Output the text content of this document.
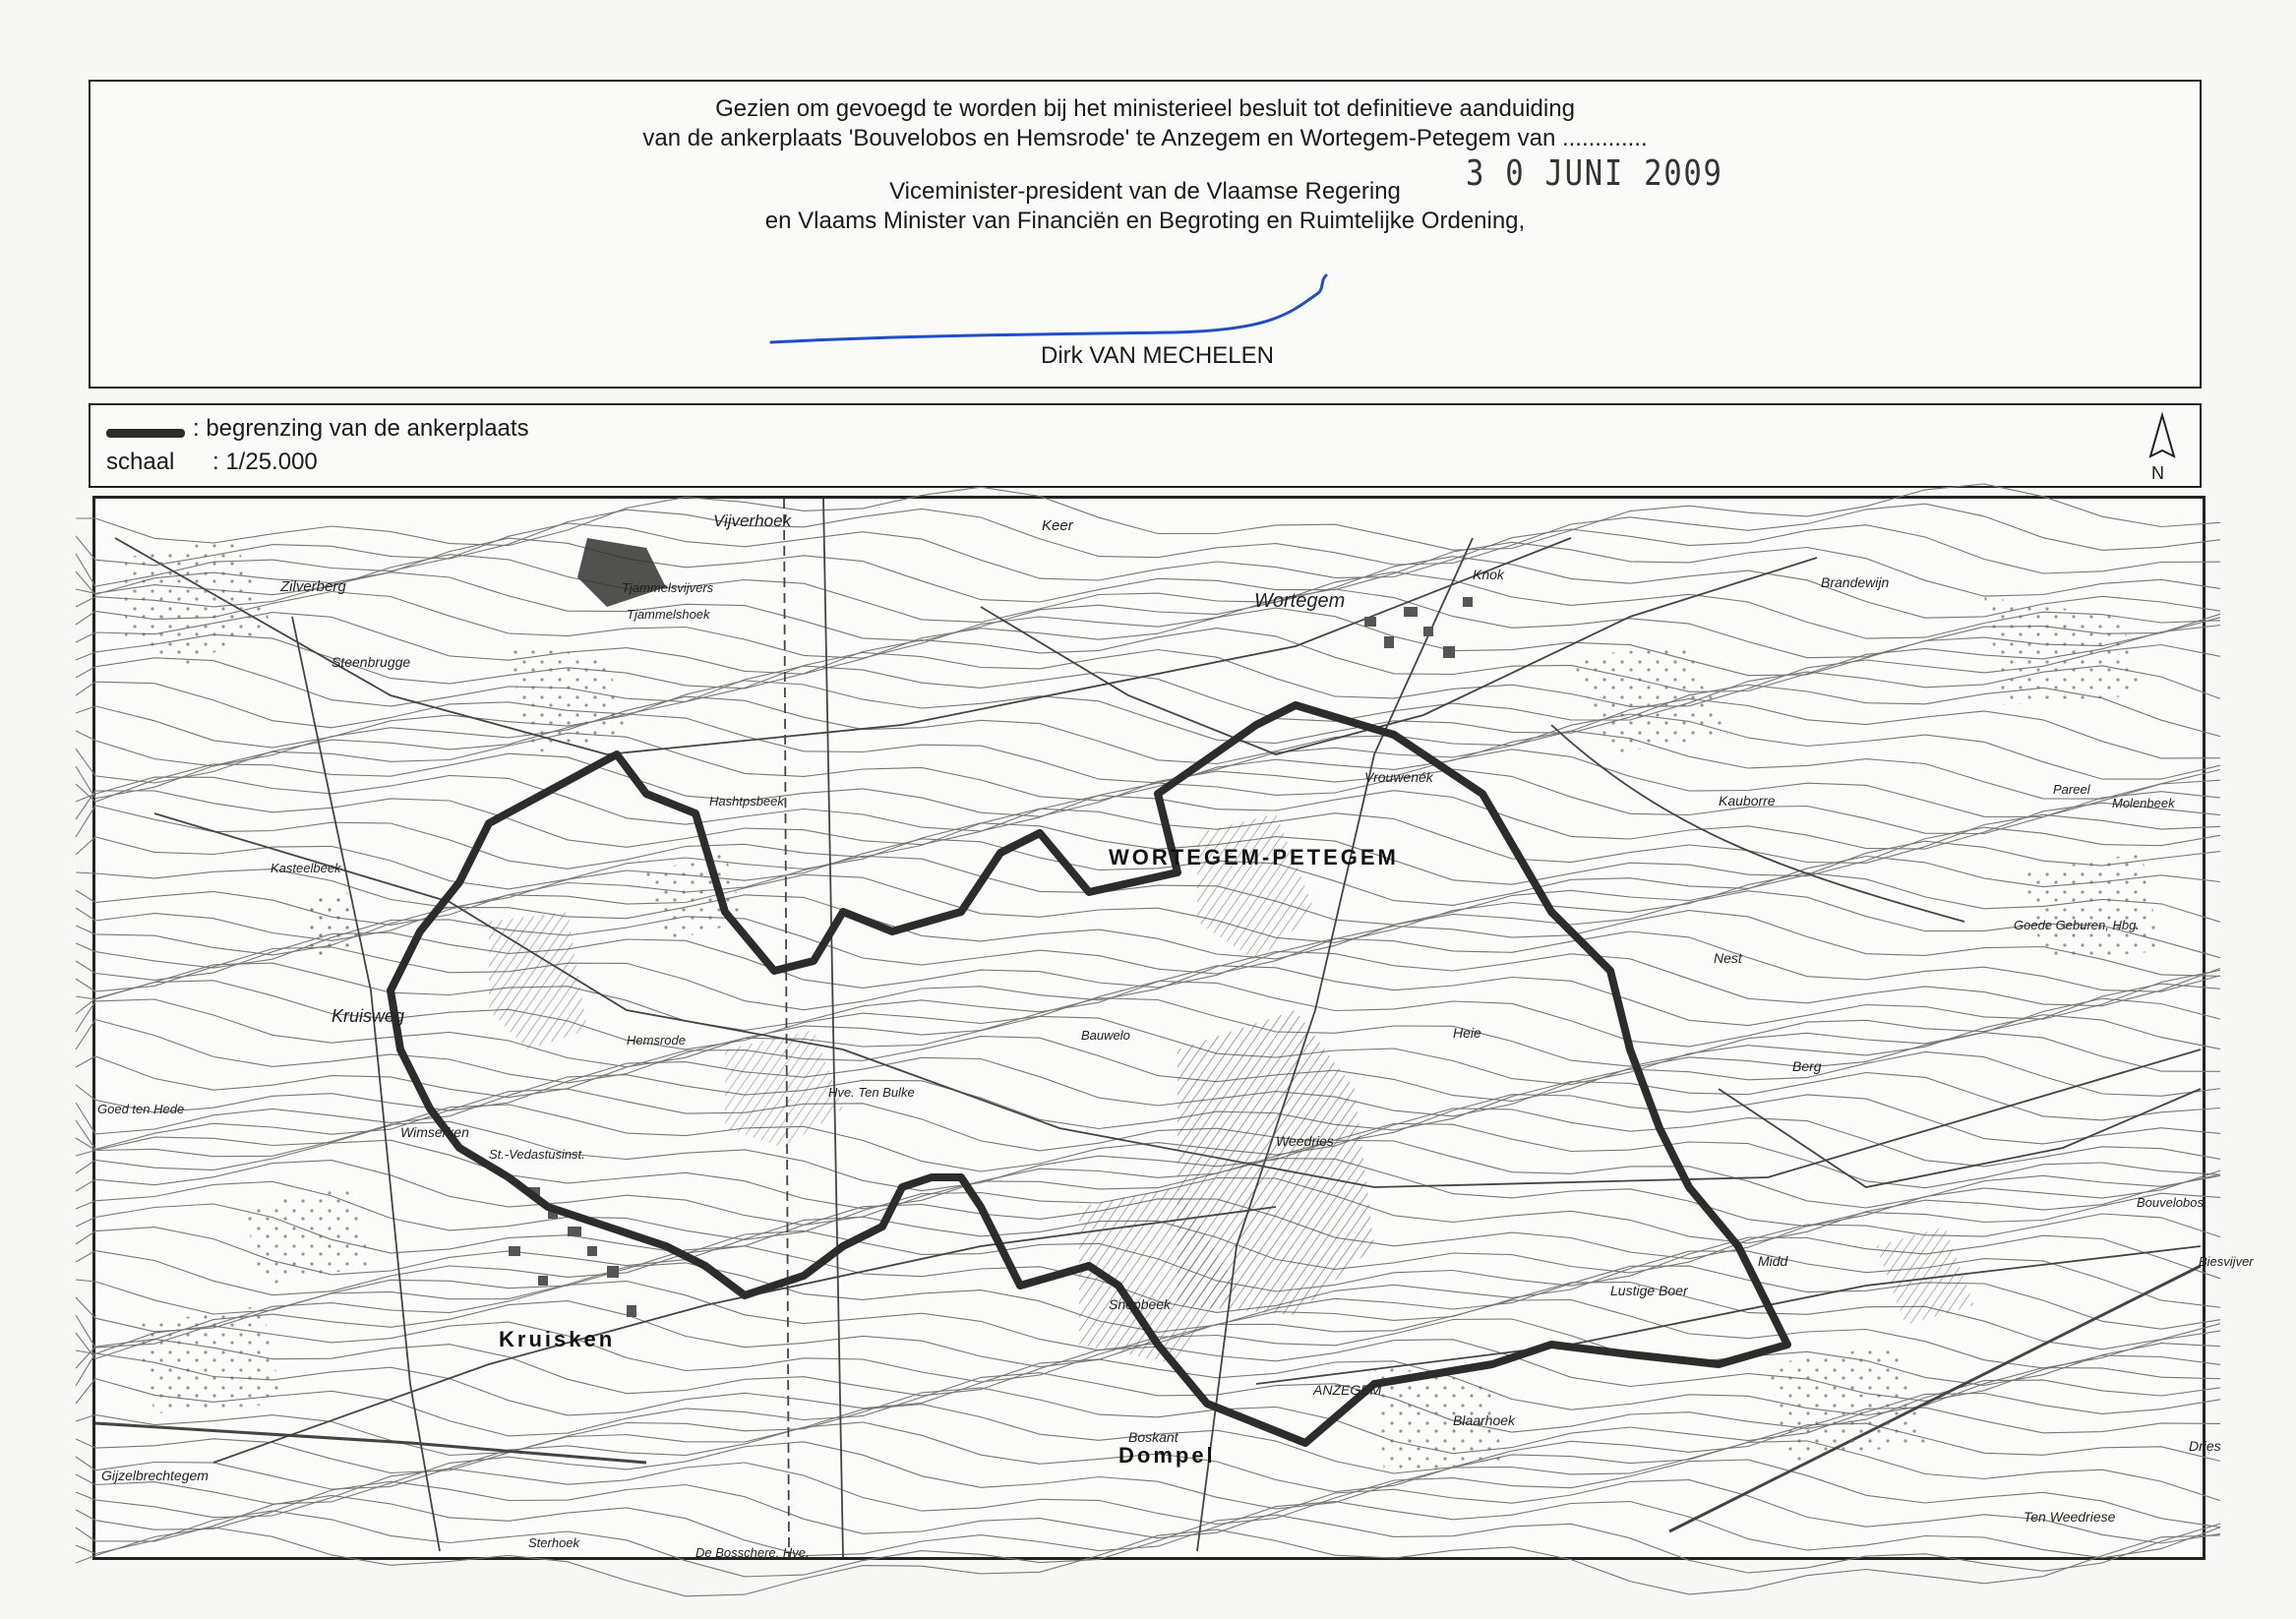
Gezien om gevoegd te worden bij het ministerieel besluit tot definitieve aanduiding
van de ankerplaats 'Bouvelobos en Hemsrode' te Anzegem en Wortegem-Petegem van .............
Viceminister-president van de Vlaamse Regering
en Vlaams Minister van Financiën en Begroting en Ruimtelijke Ordening,
3 0 JUNI 2009
Dirk VAN MECHELEN
: begrenzing van de ankerplaats
schaal : 1/25.000	N
Vijverhoek	Keer
Zilverberg	Tjammelsvijvers
Tjammelshoek
Steenbrugge
Wortegem
Knok	Brandewijn
Vrouwenék
Kauborre
Pareel
Molenbeek
Hashtpsbeek
Kasteelbeek	WORTEGEM-PETEGEM
Goede Geburen, Hbg.
Nest
Kruisweg
Hemsrode	Bauwelo	Heie
Berg
Hve. Ten Bulke
Goed ten Hede
Wimserken
St.-Vedastusinst.
Weedries
Bouvelobos
Biesvijver
Midd
Lustige Boer
Snepbeek
Kruisken
ANZEGEM
Blaarhoek
Boskant
Dompel
Gijzelbrechtegem
Sterhoek
De Bosschere, Hve.
Ten Weedriese
Dries
